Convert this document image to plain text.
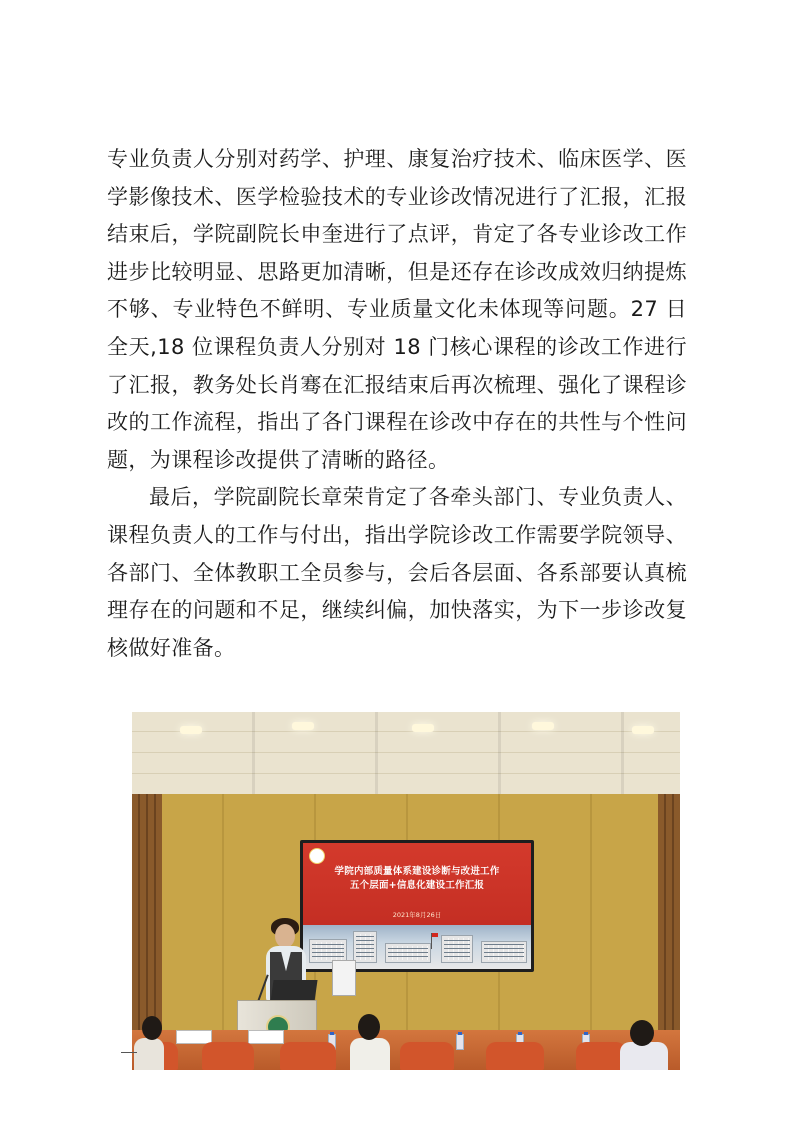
专业负责人分别对药学、护理、康复治疗技术、临床医学、医学影像技术、医学检验技术的专业诊改情况进行了汇报，汇报结束后，学院副院长申奎进行了点评，肯定了各专业诊改工作进步比较明显、思路更加清晰，但是还存在诊改成效归纳提炼不够、专业特色不鲜明、专业质量文化未体现等问题。27 日全天,18 位课程负责人分别对 18 门核心课程的诊改工作进行了汇报，教务处长肖骞在汇报结束后再次梳理、强化了课程诊改的工作流程，指出了各门课程在诊改中存在的共性与个性问题，为课程诊改提供了清晰的路径。

最后，学院副院长章荣肯定了各牵头部门、专业负责人、课程负责人的工作与付出，指出学院诊改工作需要学院领导、各部门、全体教职工全员参与，会后各层面、各系部要认真梳理存在的问题和不足，继续纠偏，加快落实，为下一步诊改复核做好准备。

学院内部质量体系建设诊断与改进工作
五个层面+信息化建设工作汇报
2021年8月26日
